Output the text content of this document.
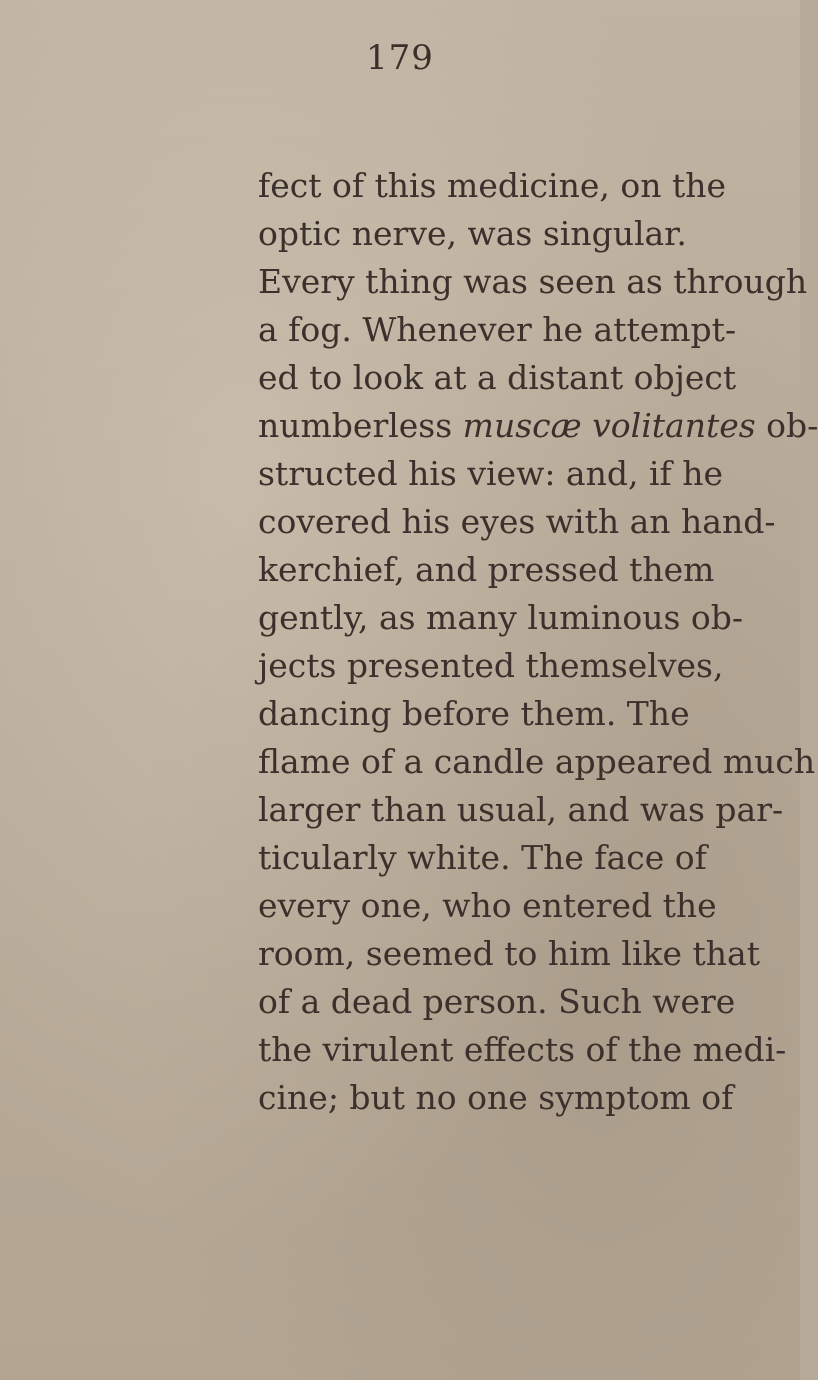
179
fect of this medicine, on the
optic nerve, was singular.
Every thing was seen as through
a fog. Whenever he attempt-
ed to look at a distant object
numberless muscæ volitantes ob-
structed his view: and, if he
covered his eyes with an hand-
kerchief, and pressed them
gently, as many luminous ob-
jects presented themselves,
dancing before them. The
flame of a candle appeared much
larger than usual, and was par-
ticularly white. The face of
every one, who entered the
room, seemed to him like that
of a dead person. Such were
the virulent effects of the medi-
cine; but no one symptom of
